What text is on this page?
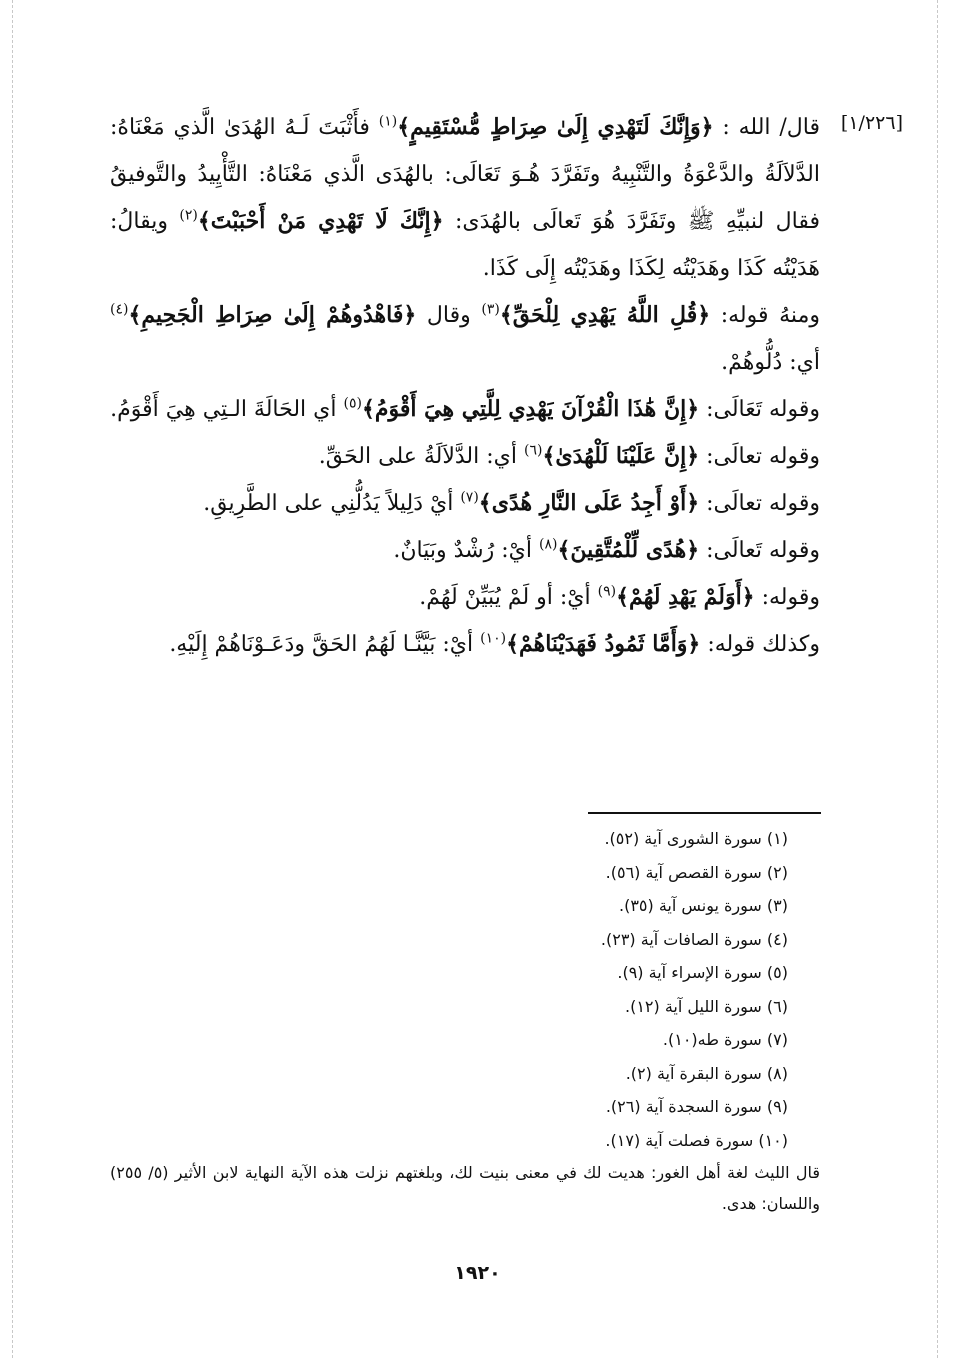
[١/٢٢٦]

قال/ الله : ﴿وَإِنَّكَ لَتَهْدِي إِلَىٰ صِرَاطٍ مُّسْتَقِيمٍ﴾$^{(١)}$ فأَثْبَتَ لَـهُ الهُدَىٰ الَّذي مَعْنَاهُ: الدَّلاَلَةُ والدَّعْوَةُ والتَّنْبِيهُ وتَفَرَّدَ هُـوَ تَعَالَى: بالهُدَى الَّذي مَعْنَاهُ: التَّأْيِيدُ والتَّوفيقُ فقال لنبيِّهِ ﷺ وتَفَرَّدَ هُوَ تَعالَى بالهُدَى: ﴿إِنَّكَ لَا تَهْدِي مَنْ أَحْبَبْتَ﴾$^{(٢)}$ ويقالُ: هَدَيْتُه كَذَا وهَدَيْتُه لِكَذَا وهَدَيْتُه إِلَى كَذَا.

ومنهُ قوله: ﴿قُلِ اللَّهُ يَهْدِي لِلْحَقِّ﴾$^{(٣)}$ وقال ﴿فَاهْدُوهُمْ إِلَىٰ صِرَاطِ الْجَحِيمِ﴾$^{(٤)}$ أي: دُلُّوهُمْ.

وقوله تَعَالَى: ﴿إِنَّ هَٰذَا الْقُرْآنَ يَهْدِي لِلَّتِي هِيَ أَقْوَمُ﴾$^{(٥)}$ أي الحَالَةَ الـتِي هِيَ أَقْوَمُ.

وقوله تعالَى: ﴿إِنَّ عَلَيْنَا لَلْهُدَىٰ﴾$^{(٦)}$ أي: الدَّلاَلَةُ على الحَقِّ.

وقوله تعالَى: ﴿أَوْ أَجِدُ عَلَى النَّارِ هُدًى﴾$^{(٧)}$ أيْ دَلِيلاً يَدُلُّنِي على الطَّرِيقِ.

وقوله تَعالَى: ﴿هُدًى لِّلْمُتَّقِينَ﴾$^{(٨)}$ أيْ: رُشْدٌ وبَيَانٌ.

وقوله: ﴿أَوَلَمْ يَهْدِ لَهُمْ﴾$^{(٩)}$ أيْ: أو لَمْ يُبَيِّنْ لَهُمْ.

وكذلك قوله: ﴿وَأَمَّا ثَمُودُ فَهَدَيْنَاهُمْ﴾$^{(١٠)}$ أيْ: بَيَّنَّـا لَهُمُ الحَقَّ ودَعَـوْنَاهُمْ إِلَيْهِ.

(١) سورة الشورى آية (٥٢).

(٢) سورة القصص آية (٥٦).

(٣) سورة يونس آية (٣٥).

(٤) سورة الصافات آية (٢٣).

(٥) سورة الإسراء آية (٩).

(٦) سورة الليل آية (١٢).

(٧) سورة طه(١٠).

(٨) سورة البقرة آية (٢).

(٩) سورة السجدة آية (٢٦).

(١٠) سورة فصلت آية (١٧).

قال الليث لغة أهل الغور: هديت لك في معنى بنيت لك، وبلغتهم نزلت هذه الآية النهاية لابن الأثير (٥/ ٢٥٥) واللسان: هدى.

١٩٢٠
